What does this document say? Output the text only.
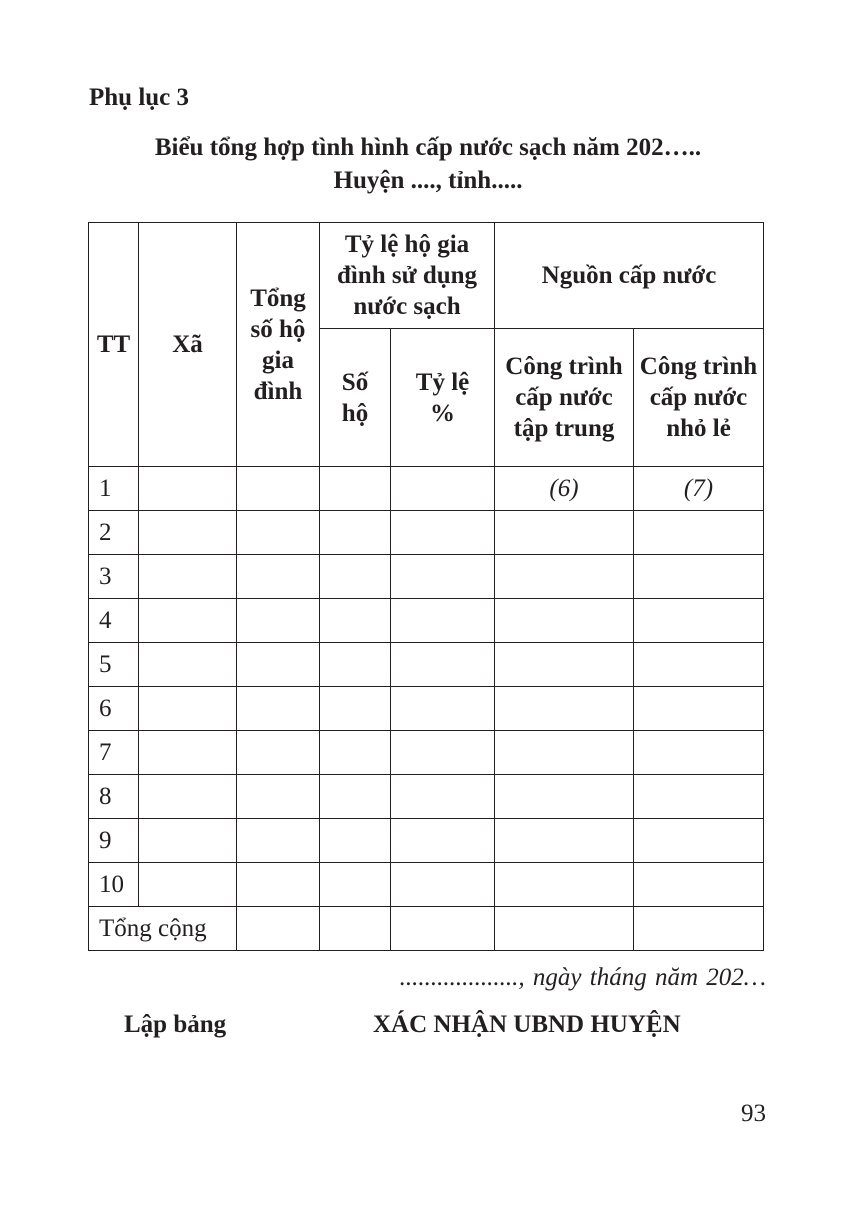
Phụ lục 3
Biểu tổng hợp tình hình cấp nước sạch năm 202…..
Huyện ...., tỉnh.....
TT	Xã	Tổng số hộ gia đình	Tỷ lệ hộ gia đình sử dụng nước sạch		Nguồn cấp nước	
			Số hộ	Tỷ lệ %	Công trình cấp nước tập trung	Công trình cấp nước nhỏ lẻ
1					(6)	(7)
2						
3						
4						
5						
6						
7						
8						
9						
10						
Tổng cộng						
..................., ngày tháng năm 202…
Lập bảng	XÁC NHẬN UBND HUYỆN
93
